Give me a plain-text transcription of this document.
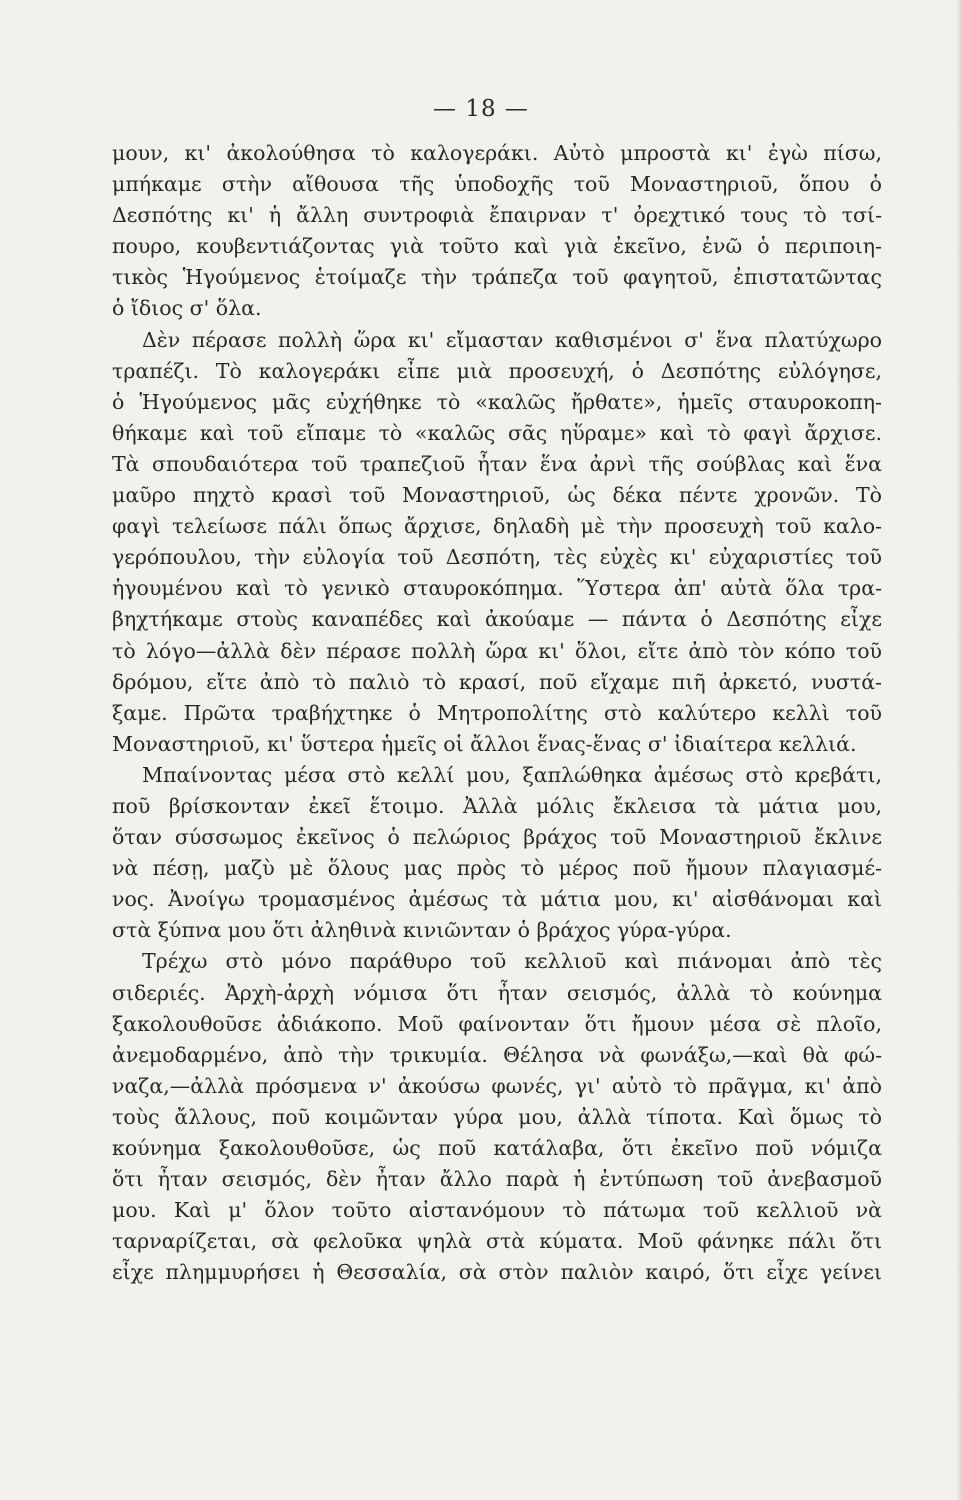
— 18 —
μουν, κι' ἀκολούθησα τὸ καλογεράκι. Αὐτὸ μπροστὰ κι' ἐγὼ πίσω,
μπήκαμε στὴν αἴθουσα τῆς ὑποδοχῆς τοῦ Μοναστηριοῦ, ὅπου ὁ
Δεσπότης κι' ἡ ἄλλη συντροφιὰ ἔπαιρναν τ' ὀρεχτικό τους τὸ τσί-
πουρο, κουβεντιάζοντας γιὰ τοῦτο καὶ γιὰ ἐκεῖνο, ἐνῶ ὁ περιποιη-
τικὸς Ἡγούμενος ἑτοίμαζε τὴν τράπεζα τοῦ φαγητοῦ, ἐπιστατῶντας
ὁ ἴδιος σ' ὅλα.
Δὲν πέρασε πολλὴ ὥρα κι' εἴμασταν καθισμένοι σ' ἕνα πλατύχωρο
τραπέζι. Τὸ καλογεράκι εἶπε μιὰ προσευχή, ὁ Δεσπότης εὐλόγησε,
ὁ Ἡγούμενος μᾶς εὐχήθηκε τὸ «καλῶς ἤρθατε», ἡμεῖς σταυροκοπη-
θήκαμε καὶ τοῦ εἴπαμε τὸ «καλῶς σᾶς ηὕραμε» καὶ τὸ φαγὶ ἄρχισε.
Τὰ σπουδαιότερα τοῦ τραπεζιοῦ ἦταν ἕνα ἀρνὶ τῆς σούβλας καὶ ἕνα
μαῦρο πηχτὸ κρασὶ τοῦ Μοναστηριοῦ, ὡς δέκα πέντε χρονῶν. Τὸ
φαγὶ τελείωσε πάλι ὅπως ἄρχισε, δηλαδὴ μὲ τὴν προσευχὴ τοῦ καλο-
γερόπουλου, τὴν εὐλογία τοῦ Δεσπότη, τὲς εὐχὲς κι' εὐχαριστίες τοῦ
ἡγουμένου καὶ τὸ γενικὸ σταυροκόπημα. Ὕστερα ἀπ' αὐτὰ ὅλα τρα-
βηχτήκαμε στοὺς καναπέδες καὶ ἀκούαμε — πάντα ὁ Δεσπότης εἶχε
τὸ λόγο—ἀλλὰ δὲν πέρασε πολλὴ ὥρα κι' ὅλοι, εἴτε ἀπὸ τὸν κόπο τοῦ
δρόμου, εἴτε ἀπὸ τὸ παλιὸ τὸ κρασί, ποῦ εἴχαμε πιῆ ἀρκετό, νυστά-
ξαμε. Πρῶτα τραβήχτηκε ὁ Μητροπολίτης στὸ καλύτερο κελλὶ τοῦ
Μοναστηριοῦ, κι' ὕστερα ἡμεῖς οἱ ἄλλοι ἕνας-ἕνας σ' ἰδιαίτερα κελλιά.
Μπαίνοντας μέσα στὸ κελλί μου, ξαπλώθηκα ἀμέσως στὸ κρεβάτι,
ποῦ βρίσκονταν ἐκεῖ ἕτοιμο. Ἀλλὰ μόλις ἔκλεισα τὰ μάτια μου,
ὅταν σύσσωμος ἐκεῖνος ὁ πελώριος βράχος τοῦ Μοναστηριοῦ ἔκλινε
νὰ πέσῃ, μαζὺ μὲ ὅλους μας πρὸς τὸ μέρος ποῦ ἤμουν πλαγιασμέ-
νος. Ἀνοίγω τρομασμένος ἀμέσως τὰ μάτια μου, κι' αἰσθάνομαι καὶ
στὰ ξύπνα μου ὅτι ἀληθινὰ κινιῶνταν ὁ βράχος γύρα-γύρα.
Τρέχω στὸ μόνο παράθυρο τοῦ κελλιοῦ καὶ πιάνομαι ἀπὸ τὲς
σιδεριές. Ἀρχὴ-ἀρχὴ νόμισα ὅτι ἦταν σεισμός, ἀλλὰ τὸ κούνημα
ξακολουθοῦσε ἀδιάκοπο. Μοῦ φαίνονταν ὅτι ἤμουν μέσα σὲ πλοῖο,
ἀνεμοδαρμένο, ἀπὸ τὴν τρικυμία. Θέλησα νὰ φωνάξω,—καὶ θὰ φώ-
ναζα,—ἀλλὰ πρόσμενα ν' ἀκούσω φωνές, γι' αὐτὸ τὸ πρᾶγμα, κι' ἀπὸ
τοὺς ἄλλους, ποῦ κοιμῶνταν γύρα μου, ἀλλὰ τίποτα. Καὶ ὅμως τὸ
κούνημα ξακολουθοῦσε, ὡς ποῦ κατάλαβα, ὅτι ἐκεῖνο ποῦ νόμιζα
ὅτι ἦταν σεισμός, δὲν ἦταν ἄλλο παρὰ ἡ ἐντύπωση τοῦ ἀνεβασμοῦ
μου. Καὶ μ' ὅλον τοῦτο αἰστανόμουν τὸ πάτωμα τοῦ κελλιοῦ νὰ
ταρναρίζεται, σὰ φελοῦκα ψηλὰ στὰ κύματα. Μοῦ φάνηκε πάλι ὅτι
εἶχε πλημμυρήσει ἡ Θεσσαλία, σὰ στὸν παλιὸν καιρό, ὅτι εἶχε γείνει
